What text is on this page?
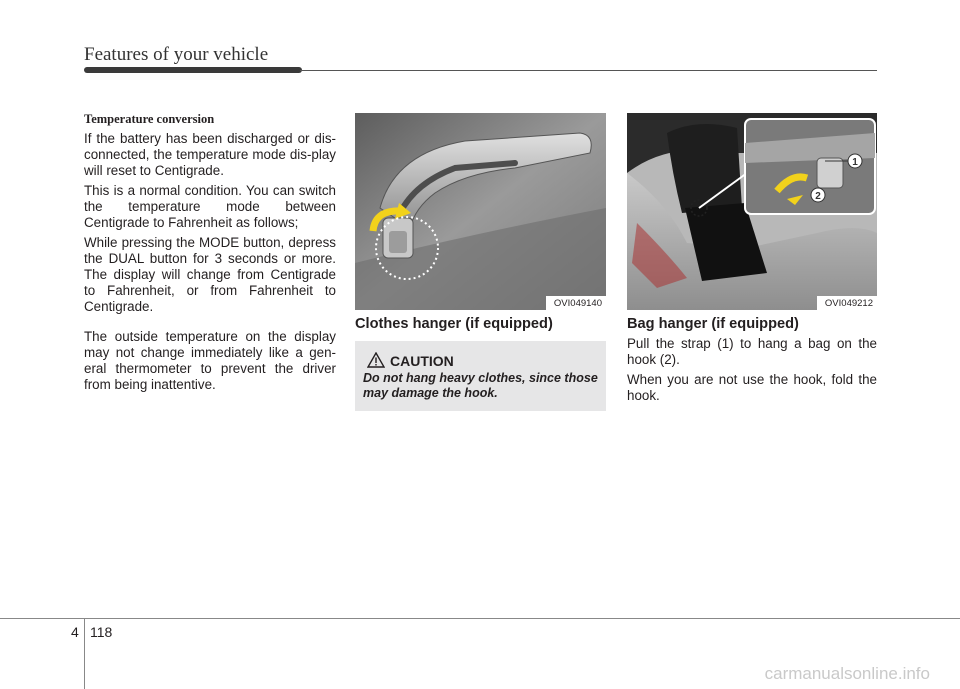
Features of your vehicle

Temperature conversion

If the battery has been discharged or dis-connected, the temperature mode dis-play will reset to Centigrade.

This is a normal condition. You can switch the temperature mode between Centigrade to Fahrenheit as follows;

While pressing the MODE button, depress the DUAL button for 3 seconds or more. The display will change from Centigrade to Fahrenheit, or from Fahrenheit to Centigrade.

The outside temperature on the display may not change immediately like a gen-eral thermometer to prevent the driver from being inattentive.

OVI049140
1
2
OVI049212
Clothes hanger (if equipped)
CAUTION
Do not hang heavy clothes, since those may damage the hook.
Bag hanger (if equipped)

Pull the strap (1) to hang a bag on the hook (2).

When you are not use the hook, fold the hook.

4 118
carmanualsonline.info
